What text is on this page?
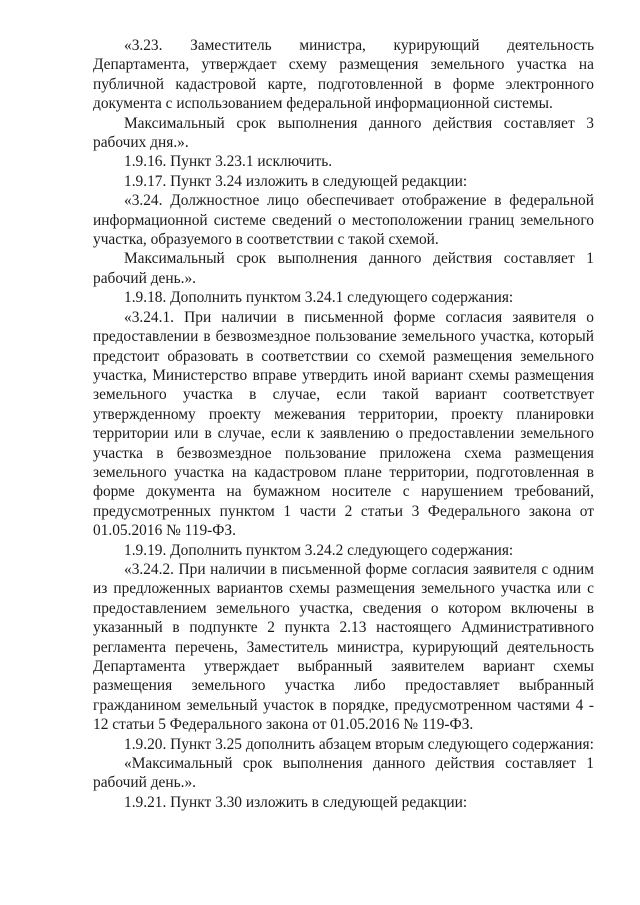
«3.23. Заместитель министра, курирующий деятельность Департамента, утверждает схему размещения земельного участка на публичной кадастровой карте, подготовленной в форме электронного документа с использованием федеральной информационной системы.

Максимальный срок выполнения данного действия составляет 3 рабочих дня.».

1.9.16. Пункт 3.23.1 исключить.

1.9.17. Пункт 3.24 изложить в следующей редакции:

«3.24. Должностное лицо обеспечивает отображение в федеральной информационной системе сведений о местоположении границ земельного участка, образуемого в соответствии с такой схемой.

Максимальный срок выполнения данного действия составляет 1 рабочий день.».

1.9.18. Дополнить пунктом 3.24.1 следующего содержания:

«3.24.1. При наличии в письменной форме согласия заявителя о предоставлении в безвозмездное пользование земельного участка, который предстоит образовать в соответствии со схемой размещения земельного участка, Министерство вправе утвердить иной вариант схемы размещения земельного участка в случае, если такой вариант соответствует утвержденному проекту межевания территории, проекту планировки территории или в случае, если к заявлению о предоставлении земельного участка в безвозмездное пользование приложена схема размещения земельного участка на кадастровом плане территории, подготовленная в форме документа на бумажном носителе с нарушением требований, предусмотренных пунктом 1 части 2 статьи 3 Федерального закона от 01.05.2016 № 119-ФЗ.

1.9.19. Дополнить пунктом 3.24.2 следующего содержания:

«3.24.2. При наличии в письменной форме согласия заявителя с одним из предложенных вариантов схемы размещения земельного участка или с предоставлением земельного участка, сведения о котором включены в указанный в подпункте 2 пункта 2.13 настоящего Административного регламента перечень, Заместитель министра, курирующий деятельность Департамента утверждает выбранный заявителем вариант схемы размещения земельного участка либо предоставляет выбранный гражданином земельный участок в порядке, предусмотренном частями 4 - 12 статьи 5 Федерального закона от 01.05.2016 № 119-ФЗ.

1.9.20. Пункт 3.25 дополнить абзацем вторым следующего содержания:

«Максимальный срок выполнения данного действия составляет 1 рабочий день.».

1.9.21. Пункт 3.30 изложить в следующей редакции:
